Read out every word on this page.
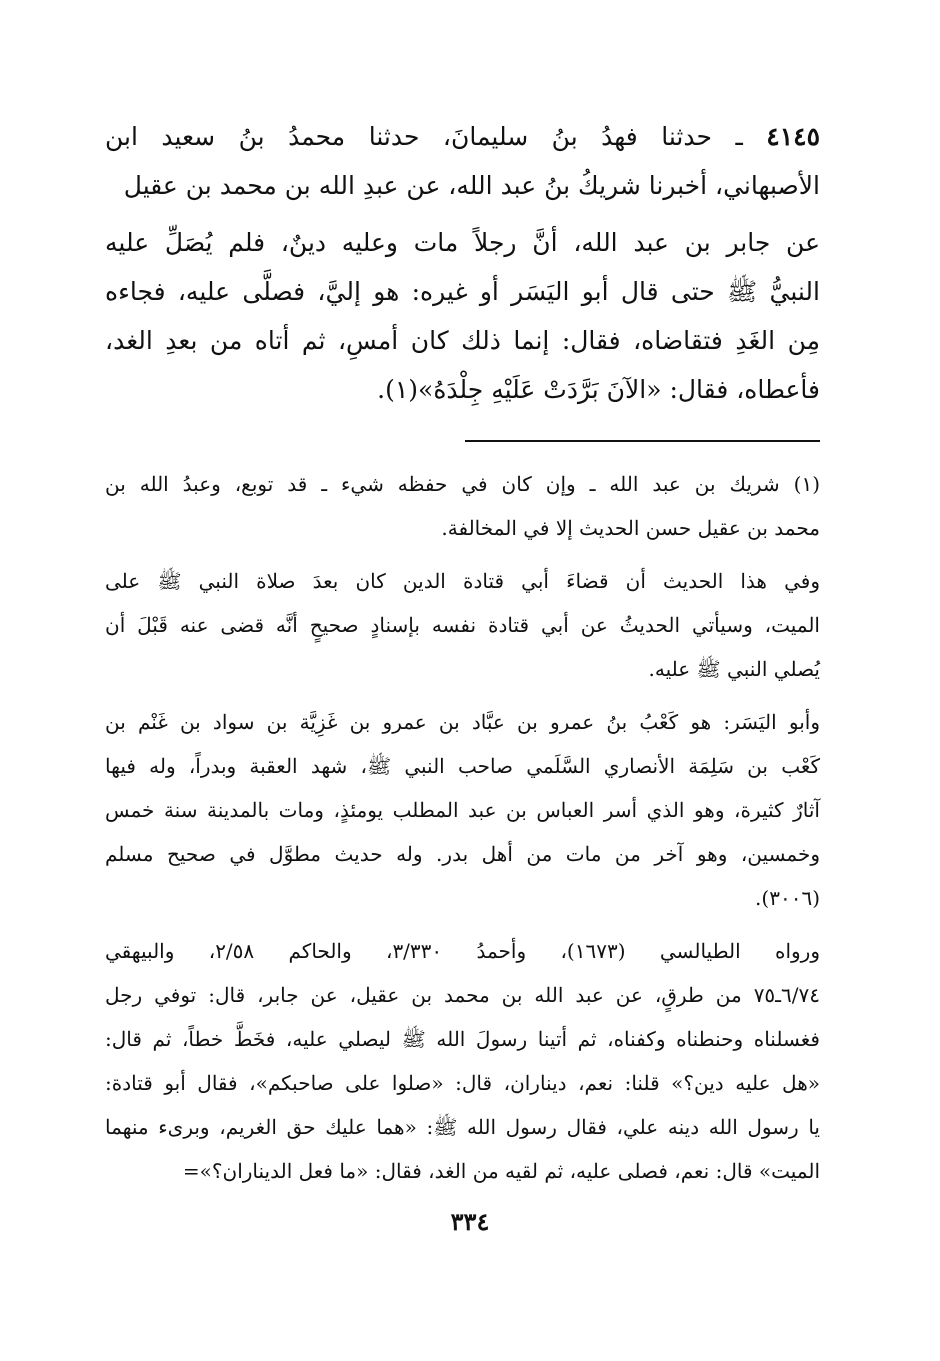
٤١٤٥ ـ حدثنا فهدُ بنُ سليمانَ، حدثنا محمدُ بنُ سعيد ابن
الأصبهاني، أخبرنا شريكُ بنُ عبد الله، عن عبدِ الله بن محمد بن عقيل
عن جابر بن عبد الله، أنَّ رجلاً مات وعليه دينٌ، فلم يُصَلِّ عليه
النبيُّ ﷺ حتى قال أبو اليَسَر أو غيره: هو إليَّ، فصلَّى عليه، فجاءه
مِن الغَدِ فتقاضاه، فقال: إنما ذلك كان أمسِ، ثم أتاه من بعدِ الغد،
فأعطاه، فقال: «الآنَ بَرَّدَتْ عَلَيْهِ جِلْدَهُ»(١).
(١) شريك بن عبد الله ـ وإن كان في حفظه شيء ـ قد توبع، وعبدُ الله بن
محمد بن عقيل حسن الحديث إلا في المخالفة.
وفي هذا الحديث أن قضاءَ أبي قتادة الدين كان بعدَ صلاة النبي ﷺ على
الميت، وسيأتي الحديثُ عن أبي قتادة نفسه بإسنادٍ صحيحٍ أنَّه قضى عنه قَبْلَ أن
يُصلي النبي ﷺ عليه.
وأبو اليَسَر: هو كَعْبُ بنُ عمرو بن عبَّاد بن عمرو بن غَزِيَّة بن سواد بن غَنْم بن
كَعْب بن سَلِمَة الأنصاري السَّلَمي صاحب النبي ﷺ، شهد العقبة وبدراً، وله فيها
آثارٌ كثيرة، وهو الذي أسر العباس بن عبد المطلب يومئذٍ، ومات بالمدينة سنة خمس
وخمسين، وهو آخر من مات من أهل بدر. وله حديث مطوَّل في صحيح مسلم
(٣٠٠٦).
ورواه الطيالسي (١٦٧٣)، وأحمدُ ٣/٣٣٠، والحاكم ٢/٥٨، والبيهقي
٦/٧٤ـ٧٥ من طرقٍ، عن عبد الله بن محمد بن عقيل، عن جابر، قال: توفي رجل
فغسلناه وحنطناه وكفناه، ثم أتينا رسولَ الله ﷺ ليصلي عليه، فخَطَّ خطاً، ثم قال:
«هل عليه دين؟» قلنا: نعم، ديناران، قال: «صلوا على صاحبكم»، فقال أبو قتادة:
يا رسول الله دينه علي، فقال رسول الله ﷺ: «هما عليك حق الغريم، وبرىء منهما
الميت» قال: نعم، فصلى عليه، ثم لقيه من الغد، فقال: «ما فعل الديناران؟»=
٣٣٤
